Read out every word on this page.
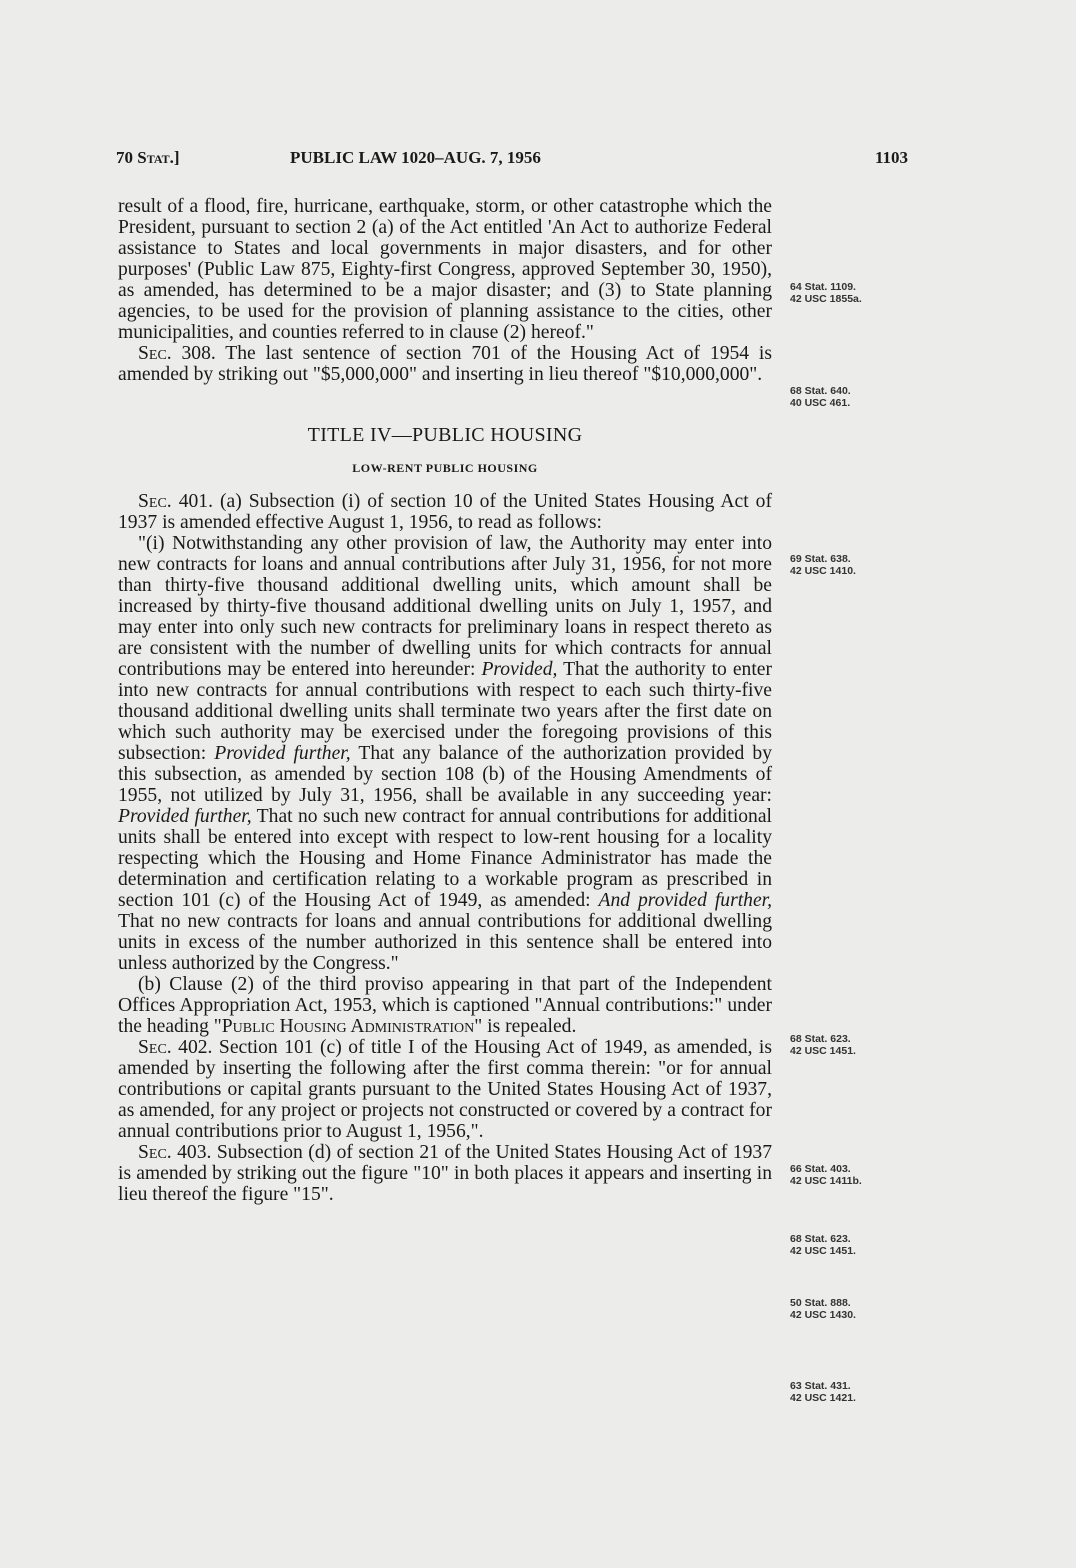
70 Stat.]	PUBLIC LAW 1020–AUG. 7, 1956	1103

result of a flood, fire, hurricane, earthquake, storm, or other catastrophe which the President, pursuant to section 2 (a) of the Act entitled 'An Act to authorize Federal assistance to States and local governments in major disasters, and for other purposes' (Public Law 875, Eighty-first Congress, approved September 30, 1950), as amended, has determined to be a major disaster; and (3) to State planning agencies, to be used for the provision of planning assistance to the cities, other municipalities, and counties referred to in clause (2) hereof."

Sec. 308. The last sentence of section 701 of the Housing Act of 1954 is amended by striking out "$5,000,000" and inserting in lieu thereof "$10,000,000".

TITLE IV—PUBLIC HOUSING
LOW-RENT PUBLIC HOUSING

Sec. 401. (a) Subsection (i) of section 10 of the United States Housing Act of 1937 is amended effective August 1, 1956, to read as follows:

"(i) Notwithstanding any other provision of law, the Authority may enter into new contracts for loans and annual contributions after July 31, 1956, for not more than thirty-five thousand additional dwelling units, which amount shall be increased by thirty-five thousand additional dwelling units on July 1, 1957, and may enter into only such new contracts for preliminary loans in respect thereto as are consistent with the number of dwelling units for which contracts for annual contributions may be entered into hereunder: Provided, That the authority to enter into new contracts for annual contributions with respect to each such thirty-five thousand additional dwelling units shall terminate two years after the first date on which such authority may be exercised under the foregoing provisions of this subsection: Provided further, That any balance of the authorization provided by this subsection, as amended by section 108 (b) of the Housing Amendments of 1955, not utilized by July 31, 1956, shall be available in any succeeding year: Provided further, That no such new contract for annual contributions for additional units shall be entered into except with respect to low-rent housing for a locality respecting which the Housing and Home Finance Administrator has made the determination and certification relating to a workable program as prescribed in section 101 (c) of the Housing Act of 1949, as amended: And provided further, That no new contracts for loans and annual contributions for additional dwelling units in excess of the number authorized in this sentence shall be entered into unless authorized by the Congress."

(b) Clause (2) of the third proviso appearing in that part of the Independent Offices Appropriation Act, 1953, which is captioned "Annual contributions:" under the heading "Public Housing Administration" is repealed.

Sec. 402. Section 101 (c) of title I of the Housing Act of 1949, as amended, is amended by inserting the following after the first comma therein: "or for annual contributions or capital grants pursuant to the United States Housing Act of 1937, as amended, for any project or projects not constructed or covered by a contract for annual contributions prior to August 1, 1956,".

Sec. 403. Subsection (d) of section 21 of the United States Housing Act of 1937 is amended by striking out the figure "10" in both places it appears and inserting in lieu thereof the figure "15".

64 Stat. 1109.
42 USC 1855a.
68 Stat. 640.
40 USC 461.
69 Stat. 638.
42 USC 1410.
68 Stat. 623.
42 USC 1451.
66 Stat. 403.
42 USC 1411b.
68 Stat. 623.
42 USC 1451.
50 Stat. 888.
42 USC 1430.
63 Stat. 431.
42 USC 1421.
